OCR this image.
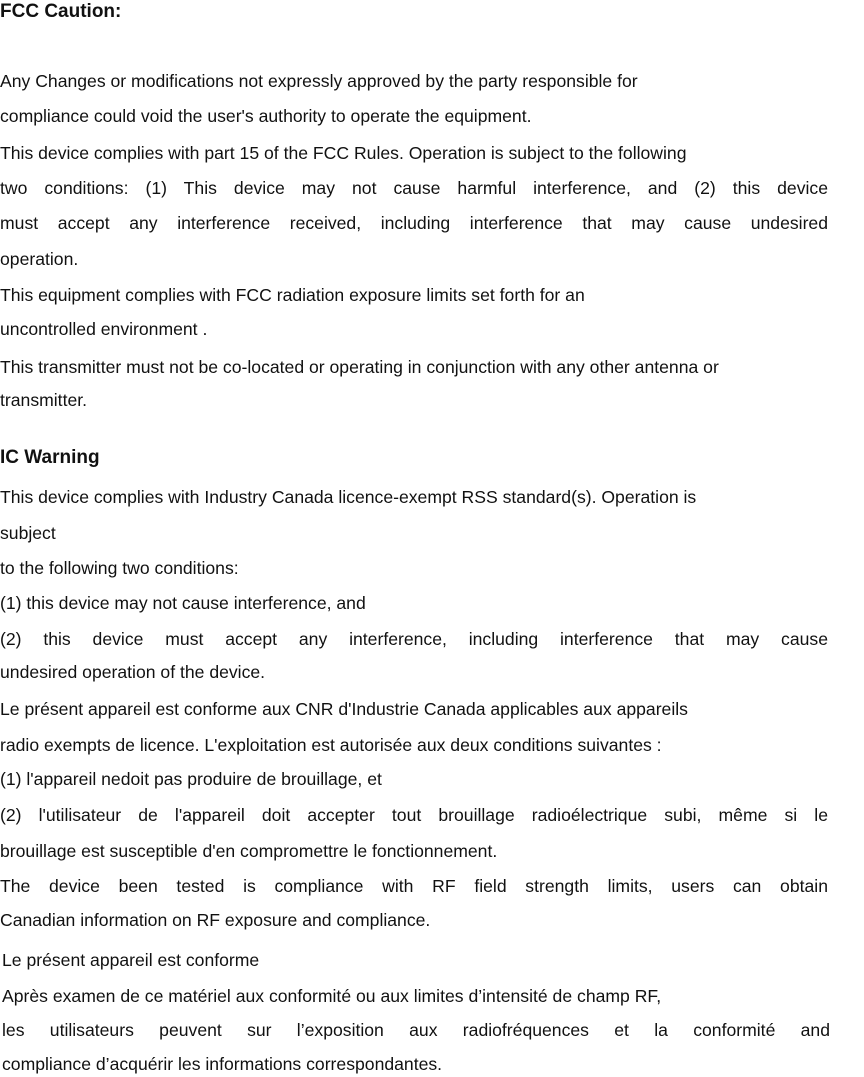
FCC Caution:
Any Changes or modifications not expressly approved by the party responsible for
compliance could void the user's authority to operate the equipment.
This device complies with part 15 of the FCC Rules. Operation is subject to the following
two conditions: (1) This device may not cause harmful interference, and (2) this device
must accept any interference received, including interference that may cause undesired
operation.
This equipment complies with FCC radiation exposure limits set forth for an
uncontrolled environment .
This transmitter must not be co-located or operating in conjunction with any other antenna or
transmitter.
IC Warning
This device complies with Industry Canada licence-exempt RSS standard(s). Operation is
subject
to the following two conditions:
(1) this device may not cause interference, and
(2) this device must accept any interference, including interference that may cause
undesired operation of the device.
Le présent appareil est conforme aux CNR d'Industrie Canada applicables aux appareils
radio exempts de licence. L'exploitation est autorisée aux deux conditions suivantes :
(1) l'appareil nedoit pas produire de brouillage, et
(2) l'utilisateur de l'appareil doit accepter tout brouillage radioélectrique subi, même si le
brouillage est susceptible d'en compromettre le fonctionnement.
The device been tested is compliance with RF field strength limits, users can obtain
Canadian information on RF exposure and compliance.
Le présent appareil est conforme
Après examen de ce matériel aux conformité ou aux limites d’intensité de champ RF,
les utilisateurs peuvent sur l’exposition aux radiofréquences et la conformité and
compliance d’acquérir les informations correspondantes.
